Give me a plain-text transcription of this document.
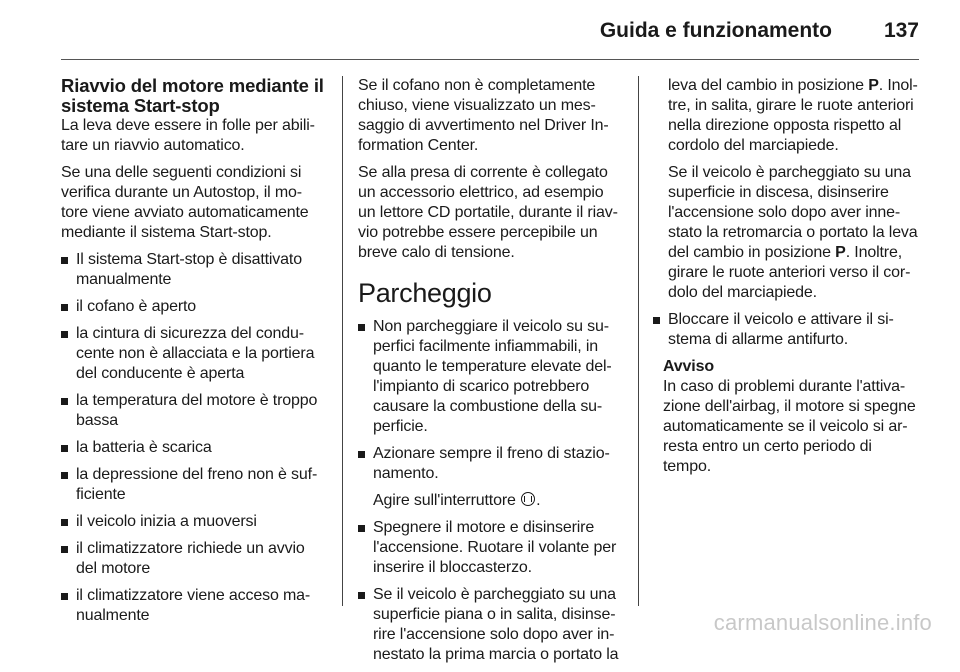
Guida e funzionamento 137
Riavvio del motore mediante il sistema Start-stop

La leva deve essere in folle per abili-tare un riavvio automatico.

Se una delle seguenti condizioni si verifica durante un Autostop, il mo-tore viene avviato automaticamente mediante il sistema Start-stop.

Il sistema Start-stop è disattivato manualmente
il cofano è aperto
la cintura di sicurezza del condu-cente non è allacciata e la portiera del conducente è aperta
la temperatura del motore è troppo bassa
la batteria è scarica
la depressione del freno non è suf-ficiente
il veicolo inizia a muoversi
il climatizzatore richiede un avvio del motore
il climatizzatore viene acceso ma-nualmente

Se il cofano non è completamente chiuso, viene visualizzato un mes-saggio di avvertimento nel Driver In-formation Center.

Se alla presa di corrente è collegato un accessorio elettrico, ad esempio un lettore CD portatile, durante il riav-vio potrebbe essere percepibile un breve calo di tensione.

Parcheggio
Non parcheggiare il veicolo su su-perfici facilmente infiammabili, in quanto le temperature elevate del-l'impianto di scarico potrebbero causare la combustione della su-perficie.
Azionare sempre il freno di stazio-namento.
Agire sull'interruttore .
Spegnere il motore e disinserire l'accensione. Ruotare il volante per inserire il bloccasterzo.
Se il veicolo è parcheggiato su una superficie piana o in salita, disinse-rire l'accensione solo dopo aver in-nestato la prima marcia o portato la
leva del cambio in posizione P. Inol-tre, in salita, girare le ruote anteriori nella direzione opposta rispetto al cordolo del marciapiede.
Se il veicolo è parcheggiato su una superficie in discesa, disinserire l'accensione solo dopo aver inne-stato la retromarcia o portato la leva del cambio in posizione P. Inoltre, girare le ruote anteriori verso il cor-dolo del marciapiede.
Bloccare il veicolo e attivare il si-stema di allarme antifurto.
Avviso
In caso di problemi durante l'attiva-zione dell'airbag, il motore si spegne automaticamente se il veicolo si ar-resta entro un certo periodo di tempo.
carmanualsonline.info
